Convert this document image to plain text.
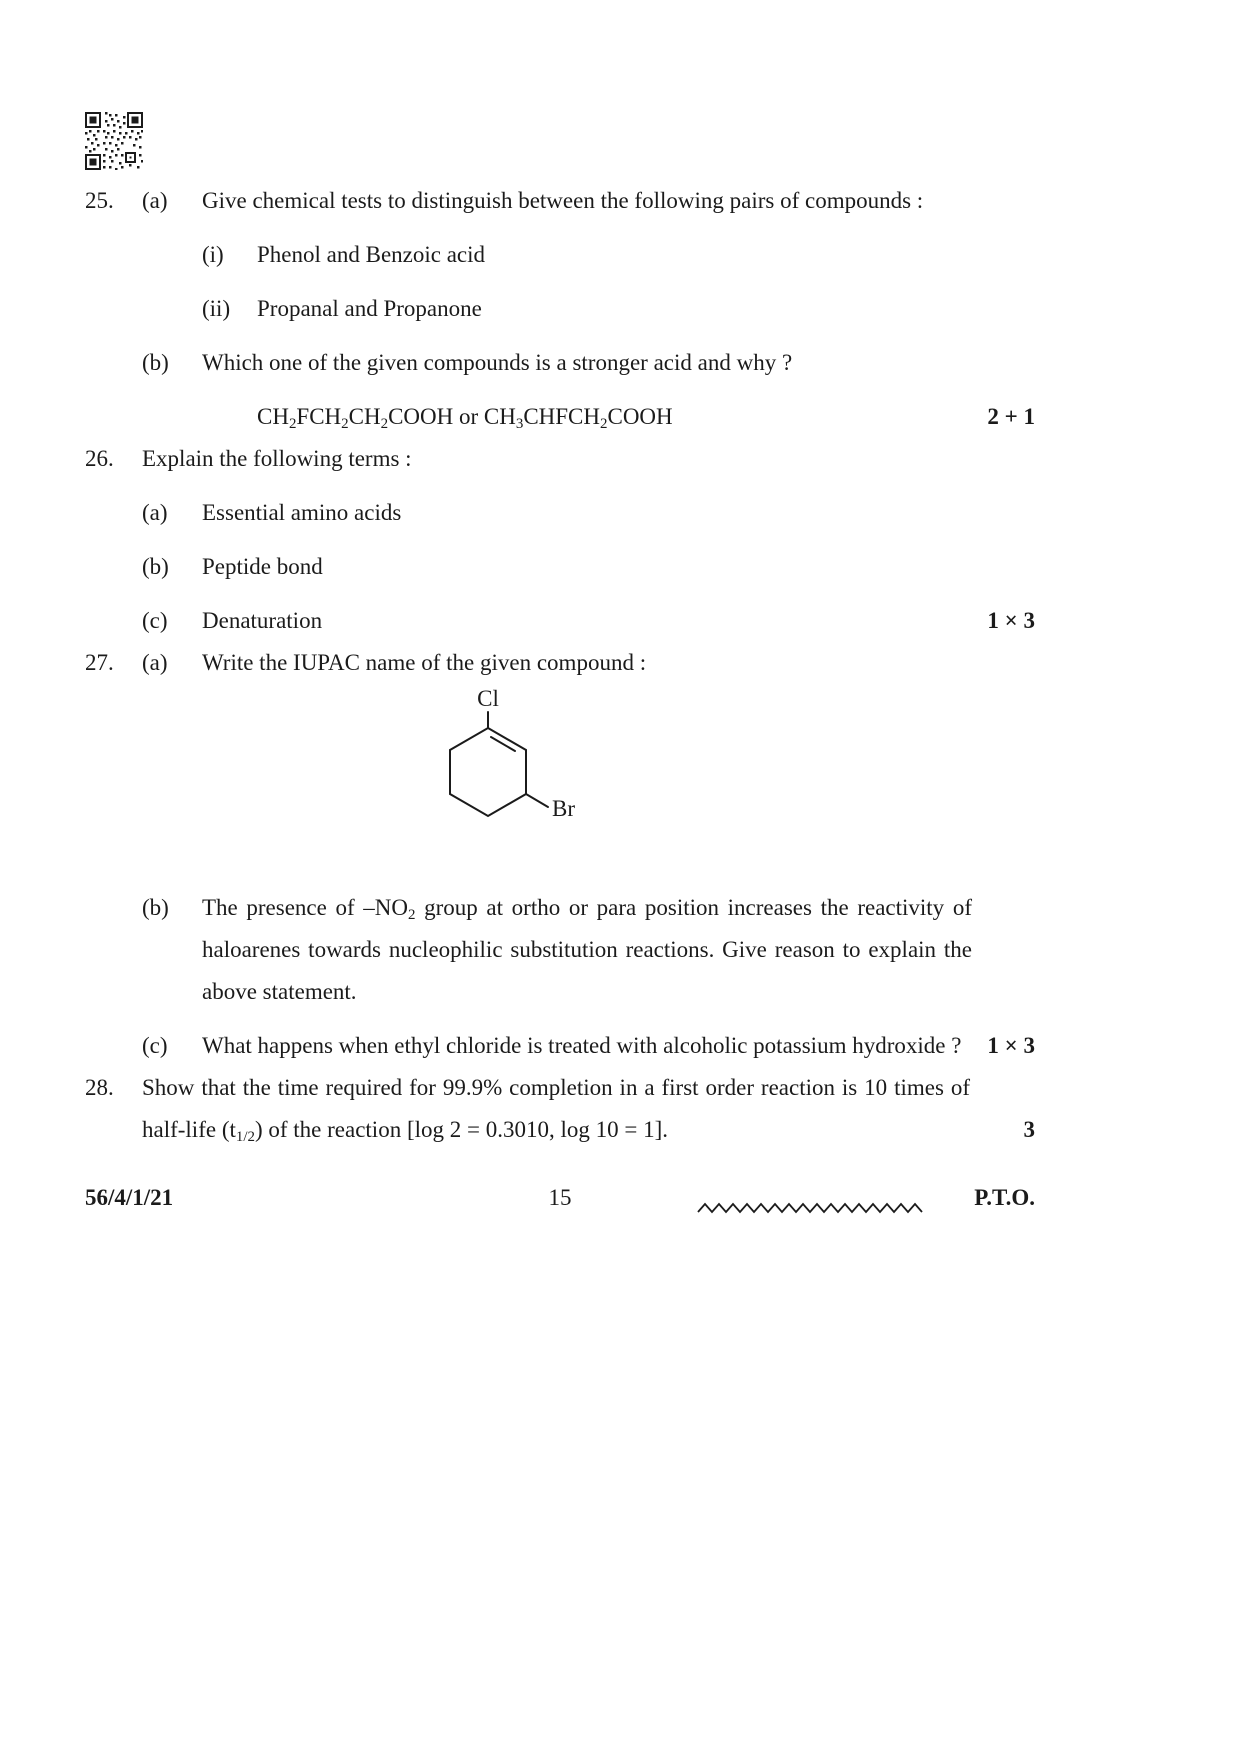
25.	(a)	Give chemical tests to distinguish between the following pairs of compounds :
(i)	Phenol and Benzoic acid
(ii)	Propanal and Propanone
(b)	Which one of the given compounds is a stronger acid and why ?
$CH_2FCH_2CH_2COOH$ or $CH_3CHFCH_2COOH$	2 + 1
26.	Explain the following terms :
(a)	Essential amino acids
(b)	Peptide bond
(c)	Denaturation	1 × 3
27.	(a)	Write the IUPAC name of the given compound :
Cl
Br
(b)	The presence of $-NO_2$ group at ortho or para position increases the reactivity of haloarenes towards nucleophilic substitution reactions. Give reason to explain the above statement.
(c)	What happens when ethyl chloride is treated with alcoholic potassium hydroxide ?	1 × 3
28.	Show that the time required for 99.9% completion in a first order reaction is 10 times of half-life $(t_{1/2})$ of the reaction [log 2 = 0.3010, log 10 = 1].	3
56/4/1/21	15	P.T.O.
